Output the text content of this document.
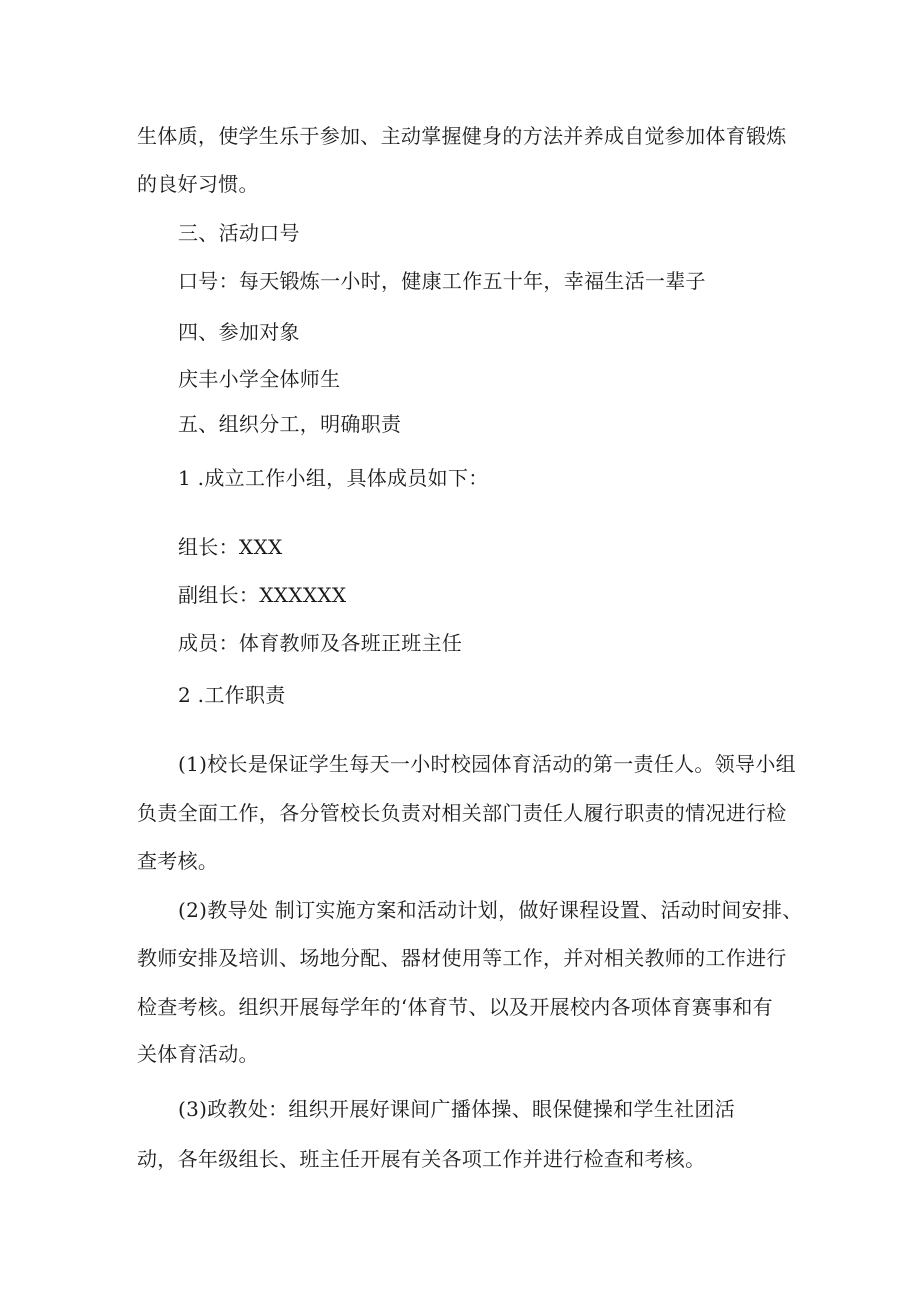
生体质，使学生乐于参加、主动掌握健身的方法并养成自觉参加体育锻炼
的良好习惯。
三、活动口号
口号：每天锻炼一小时，健康工作五十年，幸福生活一辈子
四、参加对象
庆丰小学全体师生
五、组织分工，明确职责
1 .成立工作小组，具体成员如下：
组长：XXX
副组长：XXXXXX
成员：体育教师及各班正班主任
2 .工作职责
(1)校长是保证学生每天一小时校园体育活动的第一责任人。领导小组
负责全面工作，各分管校长负责对相关部门责任人履行职责的情况进行检
查考核。
(2)教导处 制订实施方案和活动计划，做好课程设置、活动时间安排、
教师安排及培训、场地分配、器材使用等工作，并对相关教师的工作进行
检查考核。组织开展每学年的‘体育节、以及开展校内各项体育赛事和有
关体育活动。
(3)政教处：组织开展好课间广播体操、眼保健操和学生社团活
动，各年级组长、班主任开展有关各项工作并进行检查和考核。
